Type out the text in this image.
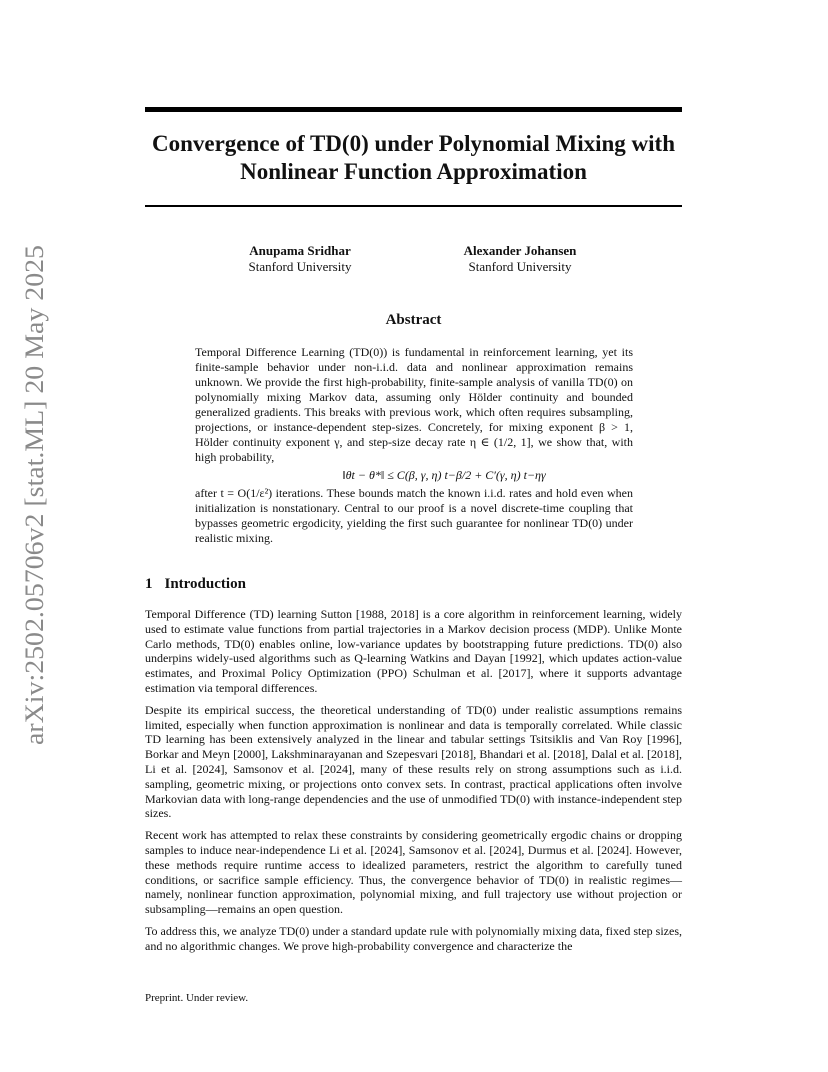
arXiv:2502.05706v2 [stat.ML] 20 May 2025
Convergence of TD(0) under Polynomial Mixing with
Nonlinear Function Approximation
Anupama Sridhar
Stanford University
Alexander Johansen
Stanford University
Abstract

Temporal Difference Learning (TD(0)) is fundamental in reinforcement learning, yet its finite-sample behavior under non-i.i.d. data and nonlinear approximation remains unknown. We provide the first high-probability, finite-sample analysis of vanilla TD(0) on polynomially mixing Markov data, assuming only Hölder continuity and bounded generalized gradients. This breaks with previous work, which often requires subsampling, projections, or instance-dependent step-sizes. Concretely, for mixing exponent β > 1, Hölder continuity exponent γ, and step-size decay rate η ∈ (1/2, 1], we show that, with high probability,

‖θt − θ*‖ ≤ C(β, γ, η) t−β/2 + C′(γ, η) t−ηγ

after t = O(1/ε²) iterations. These bounds match the known i.i.d. rates and hold even when initialization is nonstationary. Central to our proof is a novel discrete-time coupling that bypasses geometric ergodicity, yielding the first such guarantee for nonlinear TD(0) under realistic mixing.

1 Introduction

Temporal Difference (TD) learning Sutton [1988, 2018] is a core algorithm in reinforcement learning, widely used to estimate value functions from partial trajectories in a Markov decision process (MDP). Unlike Monte Carlo methods, TD(0) enables online, low-variance updates by bootstrapping future predictions. TD(0) also underpins widely-used algorithms such as Q-learning Watkins and Dayan [1992], which updates action-value estimates, and Proximal Policy Optimization (PPO) Schulman et al. [2017], where it supports advantage estimation via temporal differences.

Despite its empirical success, the theoretical understanding of TD(0) under realistic assumptions remains limited, especially when function approximation is nonlinear and data is temporally correlated. While classic TD learning has been extensively analyzed in the linear and tabular settings Tsitsiklis and Van Roy [1996], Borkar and Meyn [2000], Lakshminarayanan and Szepesvari [2018], Bhandari et al. [2018], Dalal et al. [2018], Li et al. [2024], Samsonov et al. [2024], many of these results rely on strong assumptions such as i.i.d. sampling, geometric mixing, or projections onto convex sets. In contrast, practical applications often involve Markovian data with long-range dependencies and the use of unmodified TD(0) with instance-independent step sizes.

Recent work has attempted to relax these constraints by considering geometrically ergodic chains or dropping samples to induce near-independence Li et al. [2024], Samsonov et al. [2024], Durmus et al. [2024]. However, these methods require runtime access to idealized parameters, restrict the algorithm to carefully tuned conditions, or sacrifice sample efficiency. Thus, the convergence behavior of TD(0) in realistic regimes—namely, nonlinear function approximation, polynomial mixing, and full trajectory use without projection or subsampling—remains an open question.

To address this, we analyze TD(0) under a standard update rule with polynomially mixing data, fixed step sizes, and no algorithmic changes. We prove high-probability convergence and characterize the

Preprint. Under review.
